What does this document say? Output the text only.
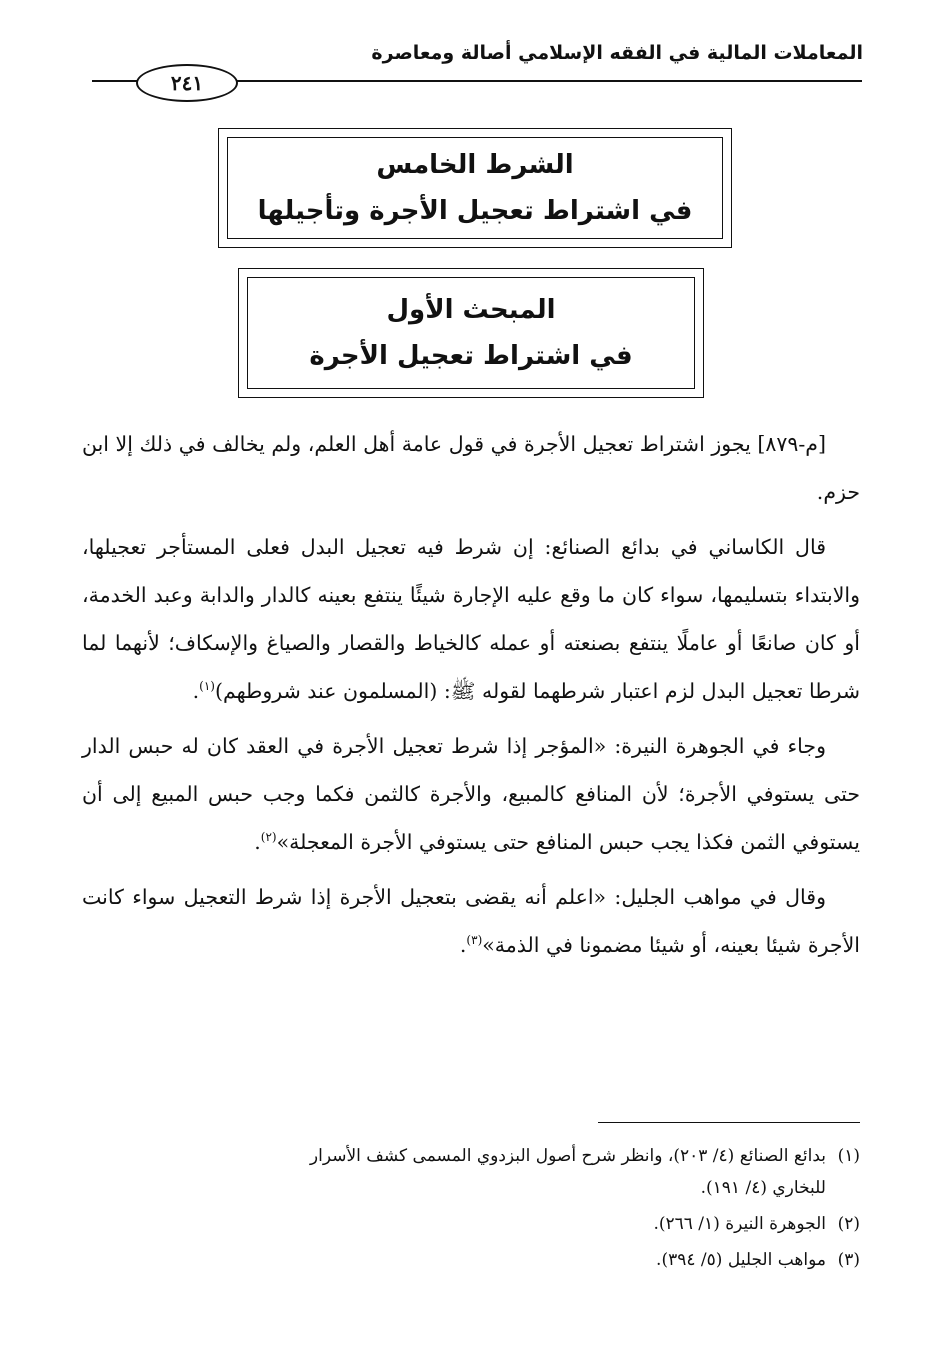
المعاملات المالية في الفقه الإسلامي أصالة ومعاصرة
٢٤١
الشرط الخامس
في اشتراط تعجيل الأجرة وتأجيلها
المبحث الأول
في اشتراط تعجيل الأجرة

[م-٨٧٩] يجوز اشتراط تعجيل الأجرة في قول عامة أهل العلم، ولم يخالف في ذلك إلا ابن حزم.

قال الكاساني في بدائع الصنائع: إن شرط فيه تعجيل البدل فعلى المستأجر تعجيلها، والابتداء بتسليمها، سواء كان ما وقع عليه الإجارة شيئًا ينتفع بعينه كالدار والدابة وعبد الخدمة، أو كان صانعًا أو عاملًا ينتفع بصنعته أو عمله كالخياط والقصار والصياغ والإسكاف؛ لأنهما لما شرطا تعجيل البدل لزم اعتبار شرطهما لقوله ﷺ: (المسلمون عند شروطهم)$^{(١)}$.

وجاء في الجوهرة النيرة: «المؤجر إذا شرط تعجيل الأجرة في العقد كان له حبس الدار حتى يستوفي الأجرة؛ لأن المنافع كالمبيع، والأجرة كالثمن فكما وجب حبس المبيع إلى أن يستوفي الثمن فكذا يجب حبس المنافع حتى يستوفي الأجرة المعجلة»$^{(٢)}$.

وقال في مواهب الجليل: «اعلم أنه يقضى بتعجيل الأجرة إذا شرط التعجيل سواء كانت الأجرة شيئا بعينه، أو شيئا مضمونا في الذمة»$^{(٣)}$.

(١)بدائع الصنائع (٤/ ٢٠٣)، وانظر شرح أصول البزدوي المسمى كشف الأسرار
للبخاري (٤/ ١٩١).

(٢)الجوهرة النيرة (١/ ٢٦٦).

(٣)مواهب الجليل (٥/ ٣٩٤).
